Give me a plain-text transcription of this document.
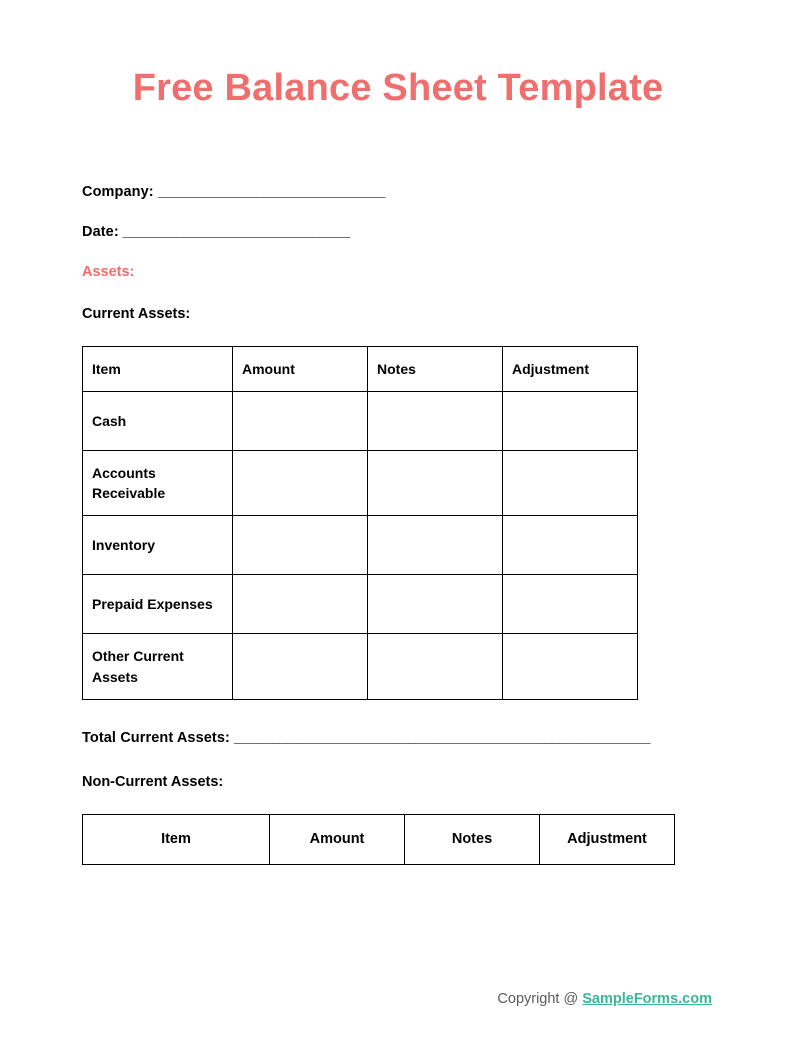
Free Balance Sheet Template
Company: ______________________________
Date: ______________________________
Assets:
Current Assets:
Item	Amount	Notes	Adjustment
Cash			
Accounts Receivable			
Inventory			
Prepaid Expenses			
Other Current Assets			
Total Current Assets: _______________________________________________________
Non-Current Assets:
Item	Amount	Notes	Adjustment
Copyright @ SampleForms.com
